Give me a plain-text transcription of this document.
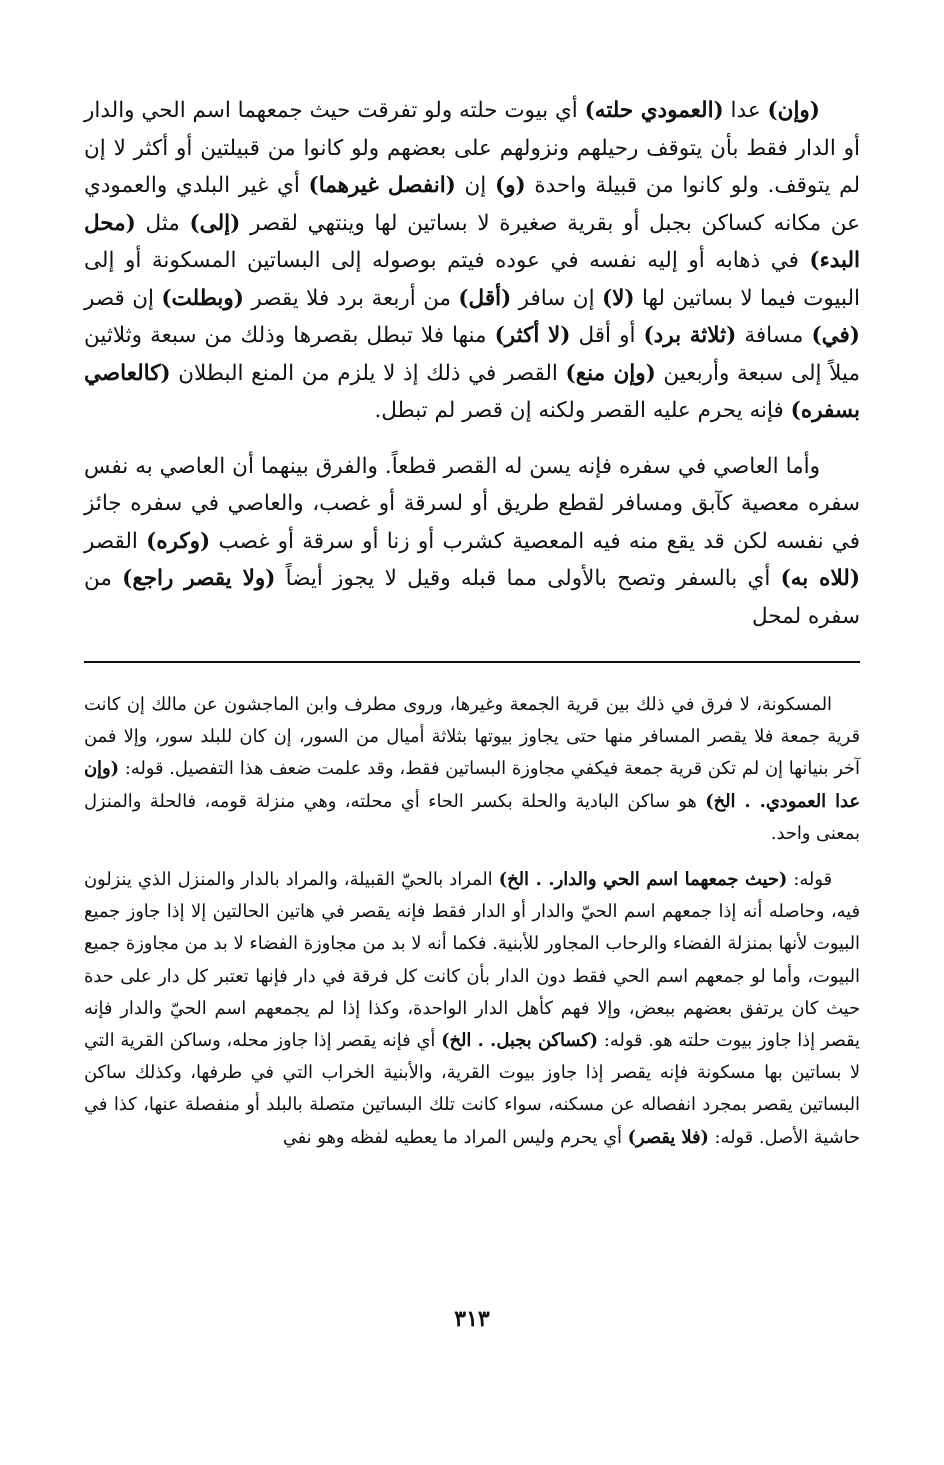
(وإن) عدا (العمودي حلته) أي بيوت حلته ولو تفرقت حيث جمعهما اسم الحي والدار أو الدار فقط بأن يتوقف رحيلهم ونزولهم على بعضهم ولو كانوا من قبيلتين أو أكثر لا إن لم يتوقف. ولو كانوا من قبيلة واحدة (و) إن (انفصل غيرهما) أي غير البلدي والعمودي عن مكانه كساكن بجبل أو بقرية صغيرة لا بساتين لها وينتهي لقصر (إلى) مثل (محل البدء) في ذهابه أو إليه نفسه في عوده فيتم بوصوله إلى البساتين المسكونة أو إلى البيوت فيما لا بساتين لها (لا) إن سافر (أقل) من أربعة برد فلا يقصر (وبطلت) إن قصر (في) مسافة (ثلاثة برد) أو أقل (لا أكثر) منها فلا تبطل بقصرها وذلك من سبعة وثلاثين ميلاً إلى سبعة وأربعين (وإن منع) القصر في ذلك إذ لا يلزم من المنع البطلان (كالعاصي بسفره) فإنه يحرم عليه القصر ولكنه إن قصر لم تبطل.

وأما العاصي في سفره فإنه يسن له القصر قطعاً. والفرق بينهما أن العاصي به نفس سفره معصية كآبق ومسافر لقطع طريق أو لسرقة أو غصب، والعاصي في سفره جائز في نفسه لكن قد يقع منه فيه المعصية كشرب أو زنا أو سرقة أو غصب (وكره) القصر (للاه به) أي بالسفر وتصح بالأولى مما قبله وقيل لا يجوز أيضاً (ولا يقصر راجع) من سفره لمحل

المسكونة، لا فرق في ذلك بين قرية الجمعة وغيرها، وروى مطرف وابن الماجشون عن مالك إن كانت قرية جمعة فلا يقصر المسافر منها حتى يجاوز بيوتها بثلاثة أميال من السور، إن كان للبلد سور، وإلا فمن آخر بنيانها إن لم تكن قرية جمعة فيكفي مجاوزة البساتين فقط، وقد علمت ضعف هذا التفصيل. قوله: (وإن عدا العمودي. . الخ) هو ساكن البادية والحلة بكسر الحاء أي محلته، وهي منزلة قومه، فالحلة والمنزل بمعنى واحد.

قوله: (حيث جمعهما اسم الحي والدار. . الخ) المراد بالحيّ القبيلة، والمراد بالدار والمنزل الذي ينزلون فيه، وحاصله أنه إذا جمعهم اسم الحيّ والدار أو الدار فقط فإنه يقصر في هاتين الحالتين إلا إذا جاوز جميع البيوت لأنها بمنزلة الفضاء والرحاب المجاور للأبنية. فكما أنه لا بد من مجاوزة الفضاء لا بد من مجاوزة جميع البيوت، وأما لو جمعهم اسم الحي فقط دون الدار بأن كانت كل فرقة في دار فإنها تعتبر كل دار على حدة حيث كان يرتفق بعضهم ببعض، وإلا فهم كأهل الدار الواحدة، وكذا إذا لم يجمعهم اسم الحيّ والدار فإنه يقصر إذا جاوز بيوت حلته هو. قوله: (كساكن بجبل. . الخ) أي فإنه يقصر إذا جاوز محله، وساكن القرية التي لا بساتين بها مسكونة فإنه يقصر إذا جاوز بيوت القرية، والأبنية الخراب التي في طرفها، وكذلك ساكن البساتين يقصر بمجرد انفصاله عن مسكنه، سواء كانت تلك البساتين متصلة بالبلد أو منفصلة عنها، كذا في حاشية الأصل. قوله: (فلا يقصر) أي يحرم وليس المراد ما يعطيه لفظه وهو نفي

٣١٣
